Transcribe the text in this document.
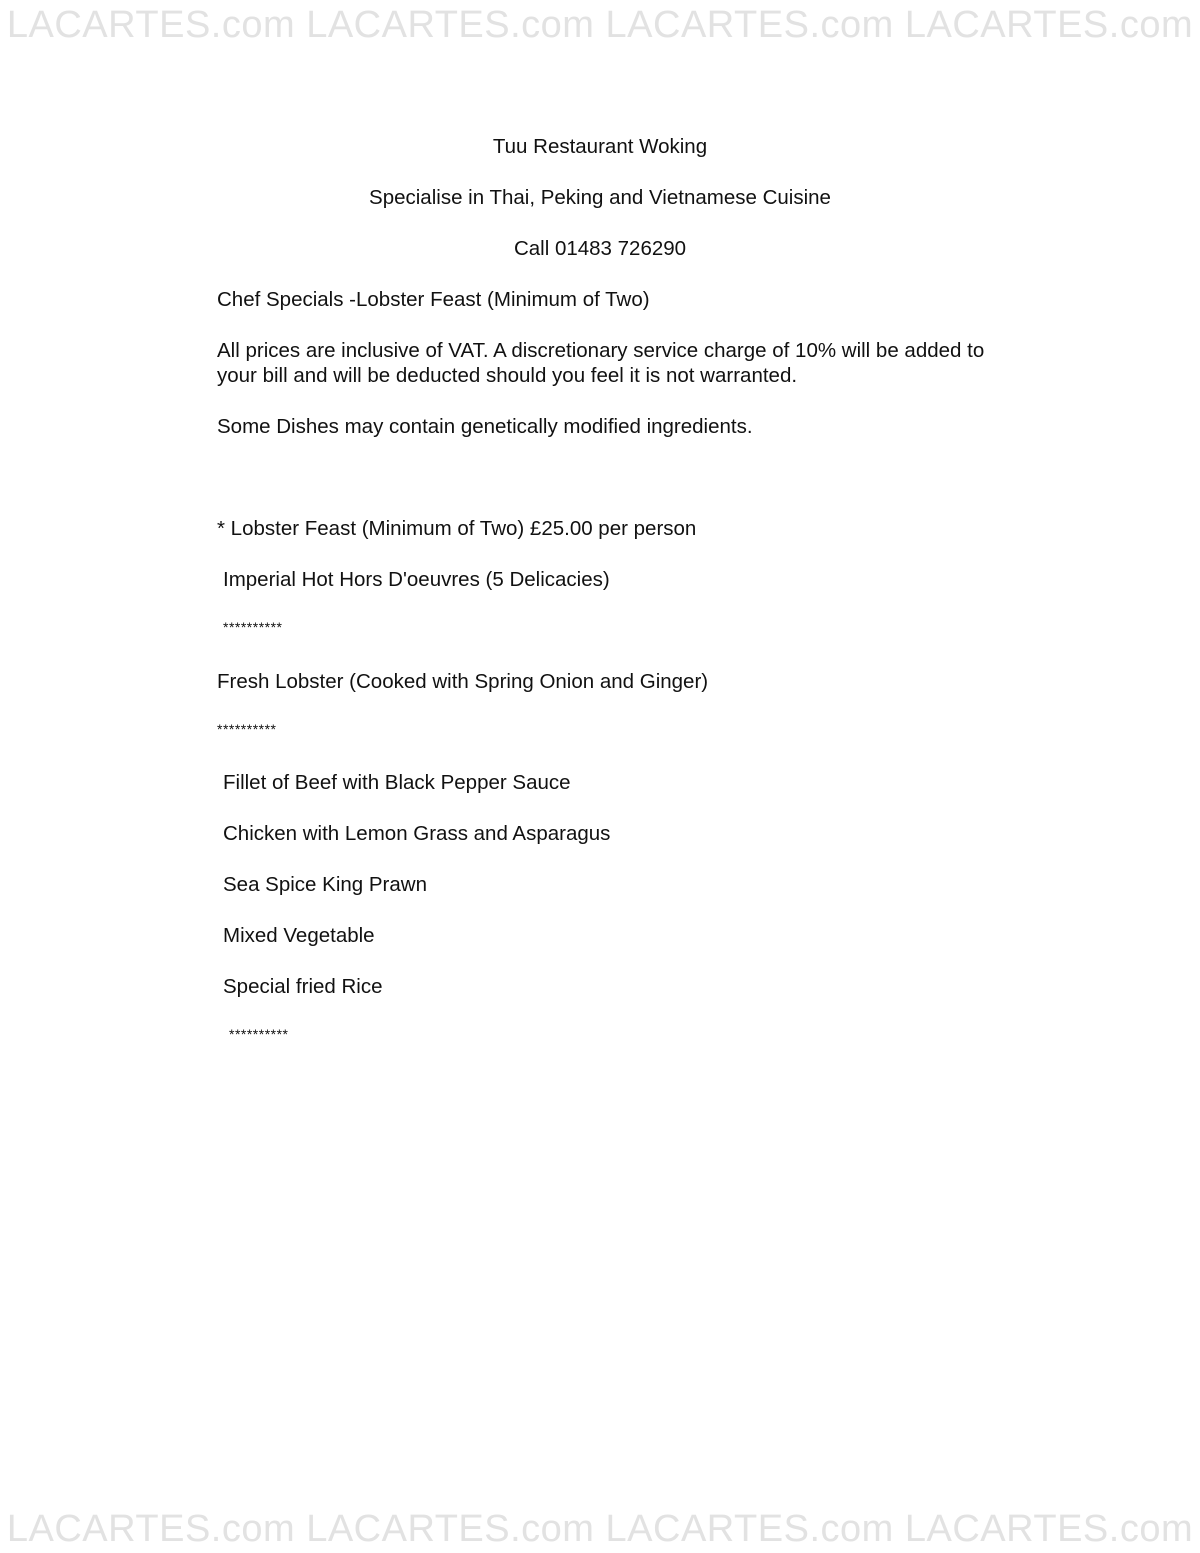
LACARTES.com LACARTES.com LACARTES.com LACARTES.com
Tuu Restaurant Woking
Specialise in Thai, Peking and Vietnamese Cuisine
Call 01483 726290
Chef Specials -Lobster Feast (Minimum of Two)
All prices are inclusive of VAT. A discretionary service charge of 10% will be added to your bill and will be deducted should you feel it is not warranted.
Some Dishes may contain genetically modified ingredients.
* Lobster Feast (Minimum of Two) £25.00 per person
Imperial Hot Hors D'oeuvres (5 Delicacies)
**********
Fresh Lobster (Cooked with Spring Onion and Ginger)
**********
Fillet of Beef with Black Pepper Sauce
Chicken with Lemon Grass and Asparagus
Sea Spice King Prawn
Mixed Vegetable
Special fried Rice
**********
LACARTES.com LACARTES.com LACARTES.com LACARTES.com
